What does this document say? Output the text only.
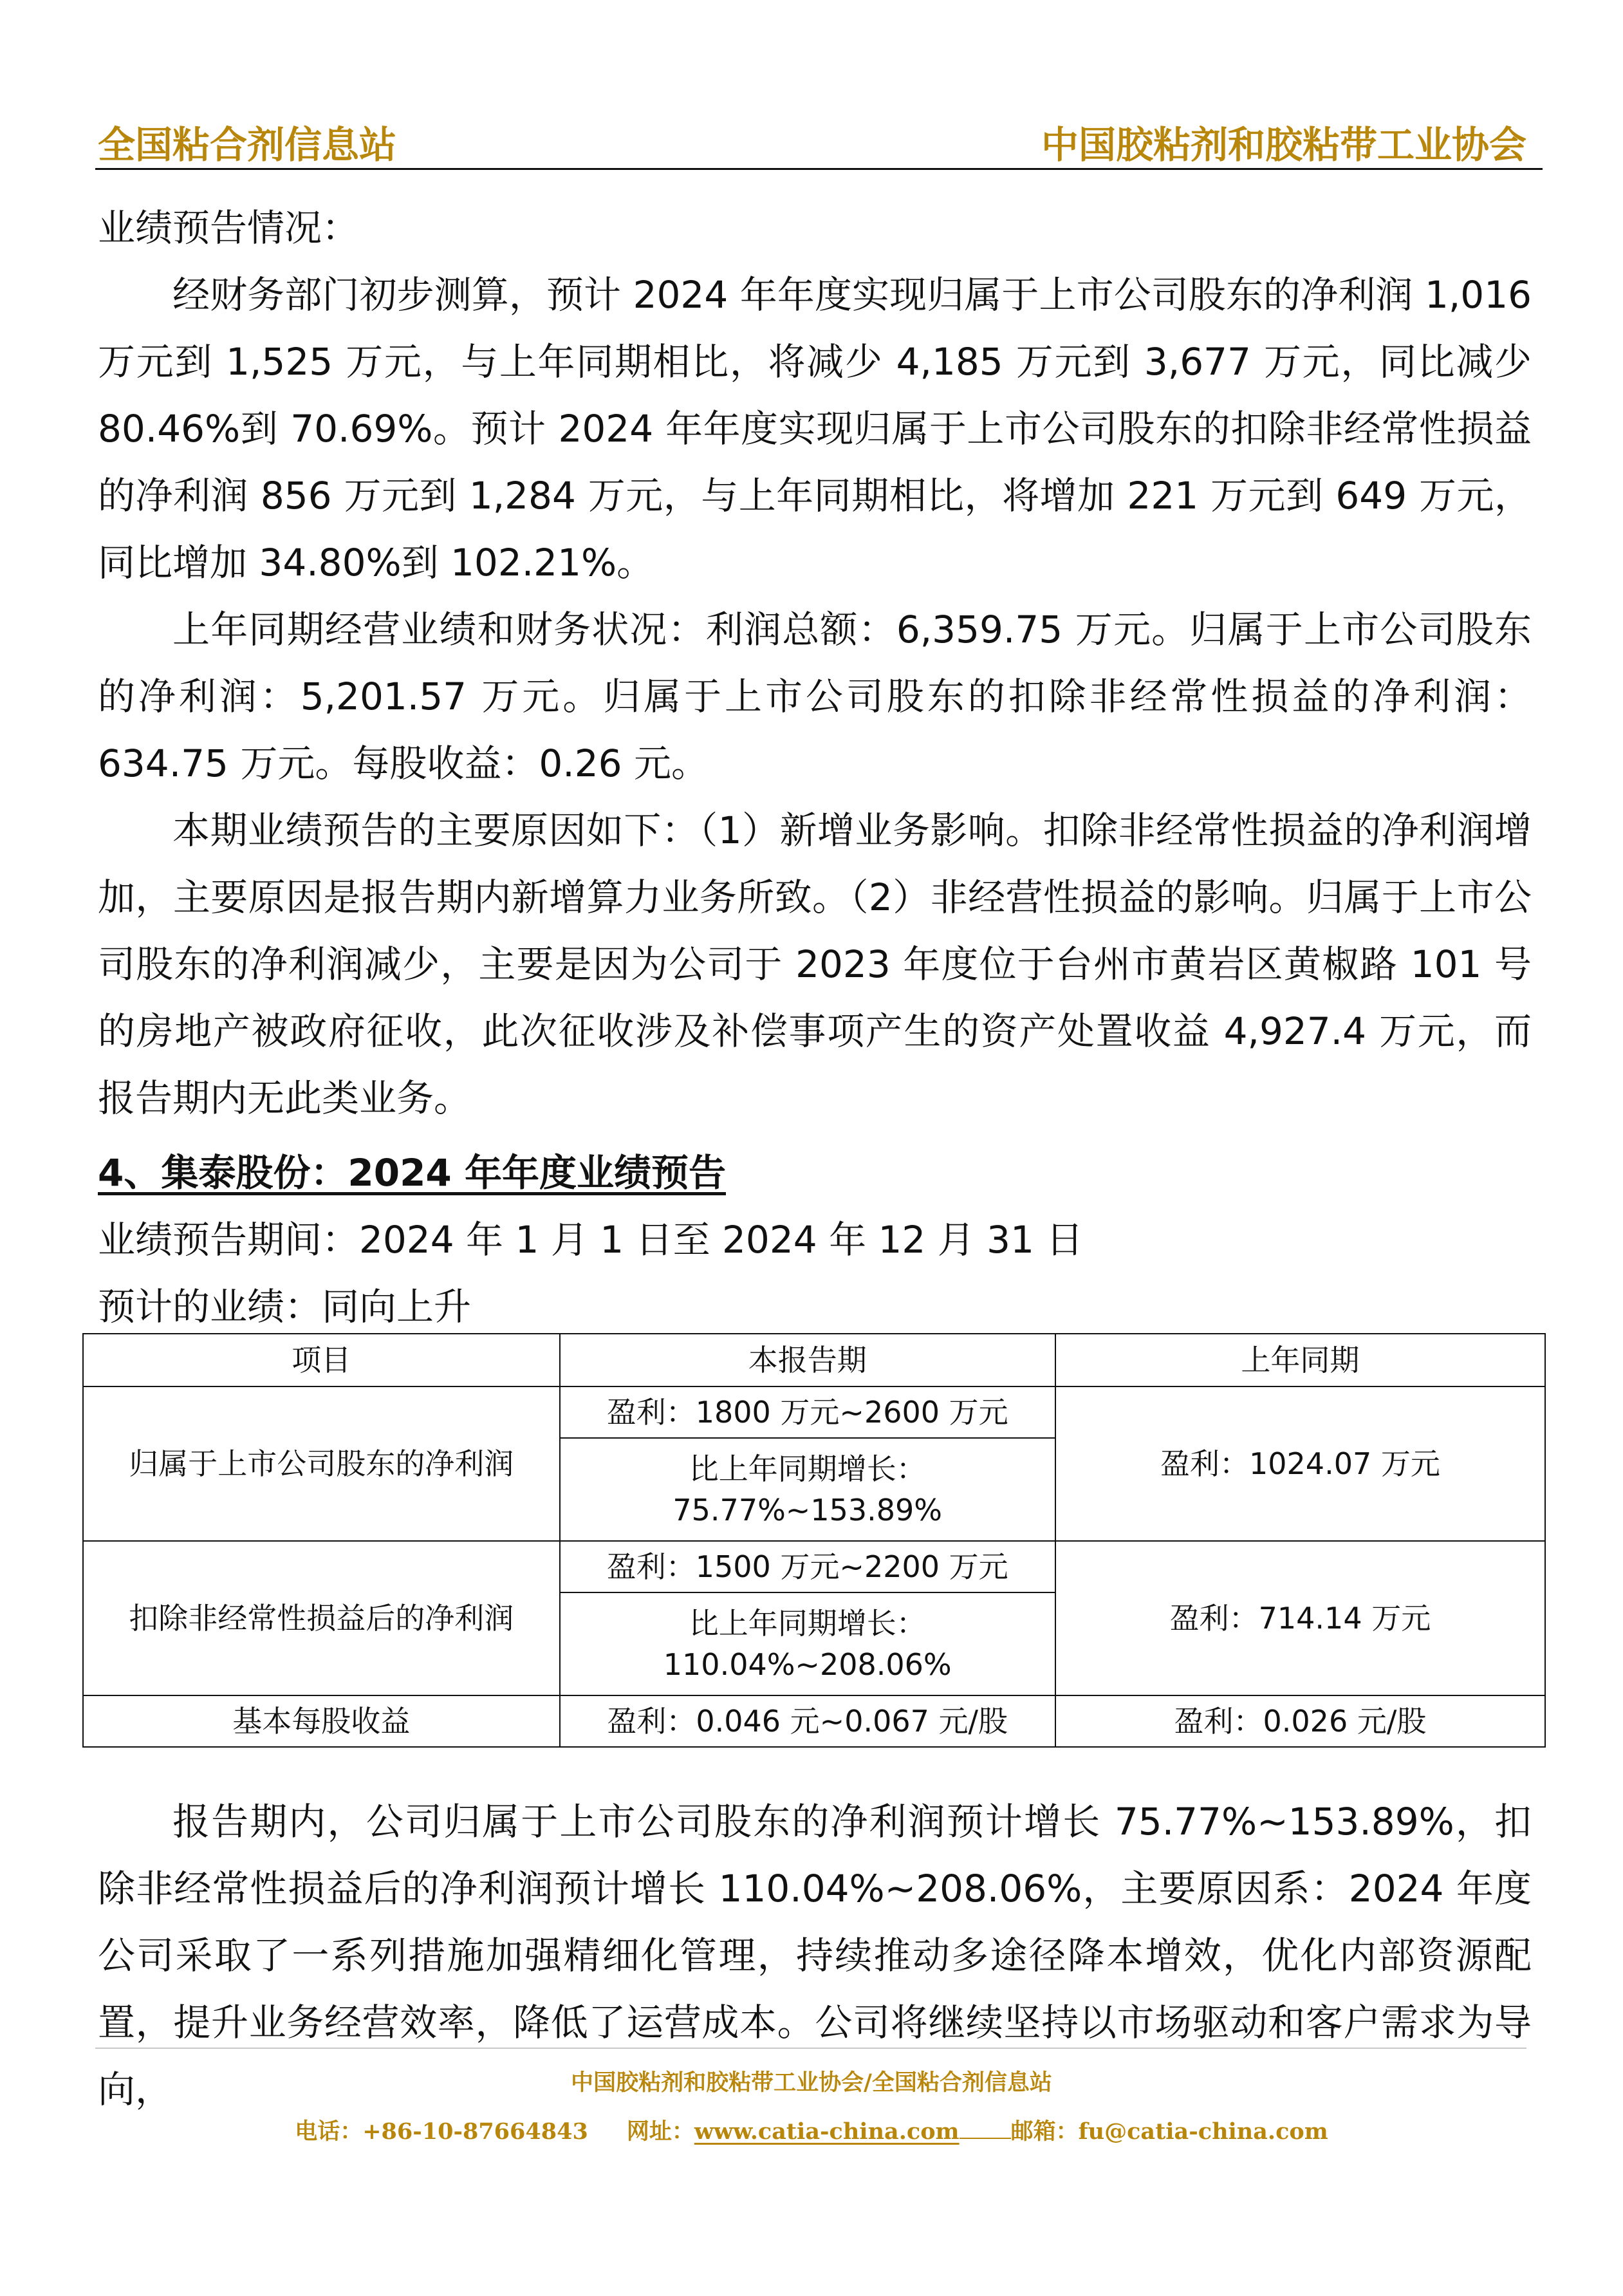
全国粘合剂信息站	中国胶粘剂和胶粘带工业协会

业绩预告情况：

经财务部门初步测算，预计 2024 年年度实现归属于上市公司股东的净利润 1,016 万元到 1,525 万元，与上年同期相比，将减少 4,185 万元到 3,677 万元，同比减少 80.46%到 70.69%。预计 2024 年年度实现归属于上市公司股东的扣除非经常性损益的净利润 856 万元到 1,284 万元，与上年同期相比，将增加 221 万元到 649 万元，同比增加 34.80%到 102.21%。

上年同期经营业绩和财务状况：利润总额：6,359.75 万元。归属于上市公司股东的净利润：5,201.57 万元。归属于上市公司股东的扣除非经常性损益的净利润：634.75 万元。每股收益：0.26 元。

本期业绩预告的主要原因如下：（1）新增业务影响。扣除非经常性损益的净利润增加，主要原因是报告期内新增算力业务所致。（2）非经营性损益的影响。归属于上市公司股东的净利润减少，主要是因为公司于 2023 年度位于台州市黄岩区黄椒路 101 号的房地产被政府征收，此次征收涉及补偿事项产生的资产处置收益 4,927.4 万元，而报告期内无此类业务。

4、集泰股份：2024 年年度业绩预告

业绩预告期间：2024 年 1 月 1 日至 2024 年 12 月 31 日

预计的业绩：同向上升

项目	本报告期	上年同期
归属于上市公司股东的净利润	盈利：1800 万元~2600 万元	盈利：1024.07 万元

	比上年同期增长：
75.77%~153.89%	

扣除非经常性损益后的净利润	盈利：1500 万元~2200 万元	盈利：714.14 万元

	比上年同期增长：
110.04%~208.06%	

基本每股收益	盈利：0.046 元~0.067 元/股	盈利：0.026 元/股

报告期内，公司归属于上市公司股东的净利润预计增长 75.77%~153.89%，扣除非经常性损益后的净利润预计增长 110.04%~208.06%，主要原因系：2024 年度公司采取了一系列措施加强精细化管理，持续推动多途径降本增效，优化内部资源配置，提升业务经营效率，降低了运营成本。公司将继续坚持以市场驱动和客户需求为导向，	中国胶粘剂和胶粘带工业协会/全国粘合剂信息站
电话：+86-10-87664843 网址：www.catia-china.com 邮箱：fu@catia-china.com
